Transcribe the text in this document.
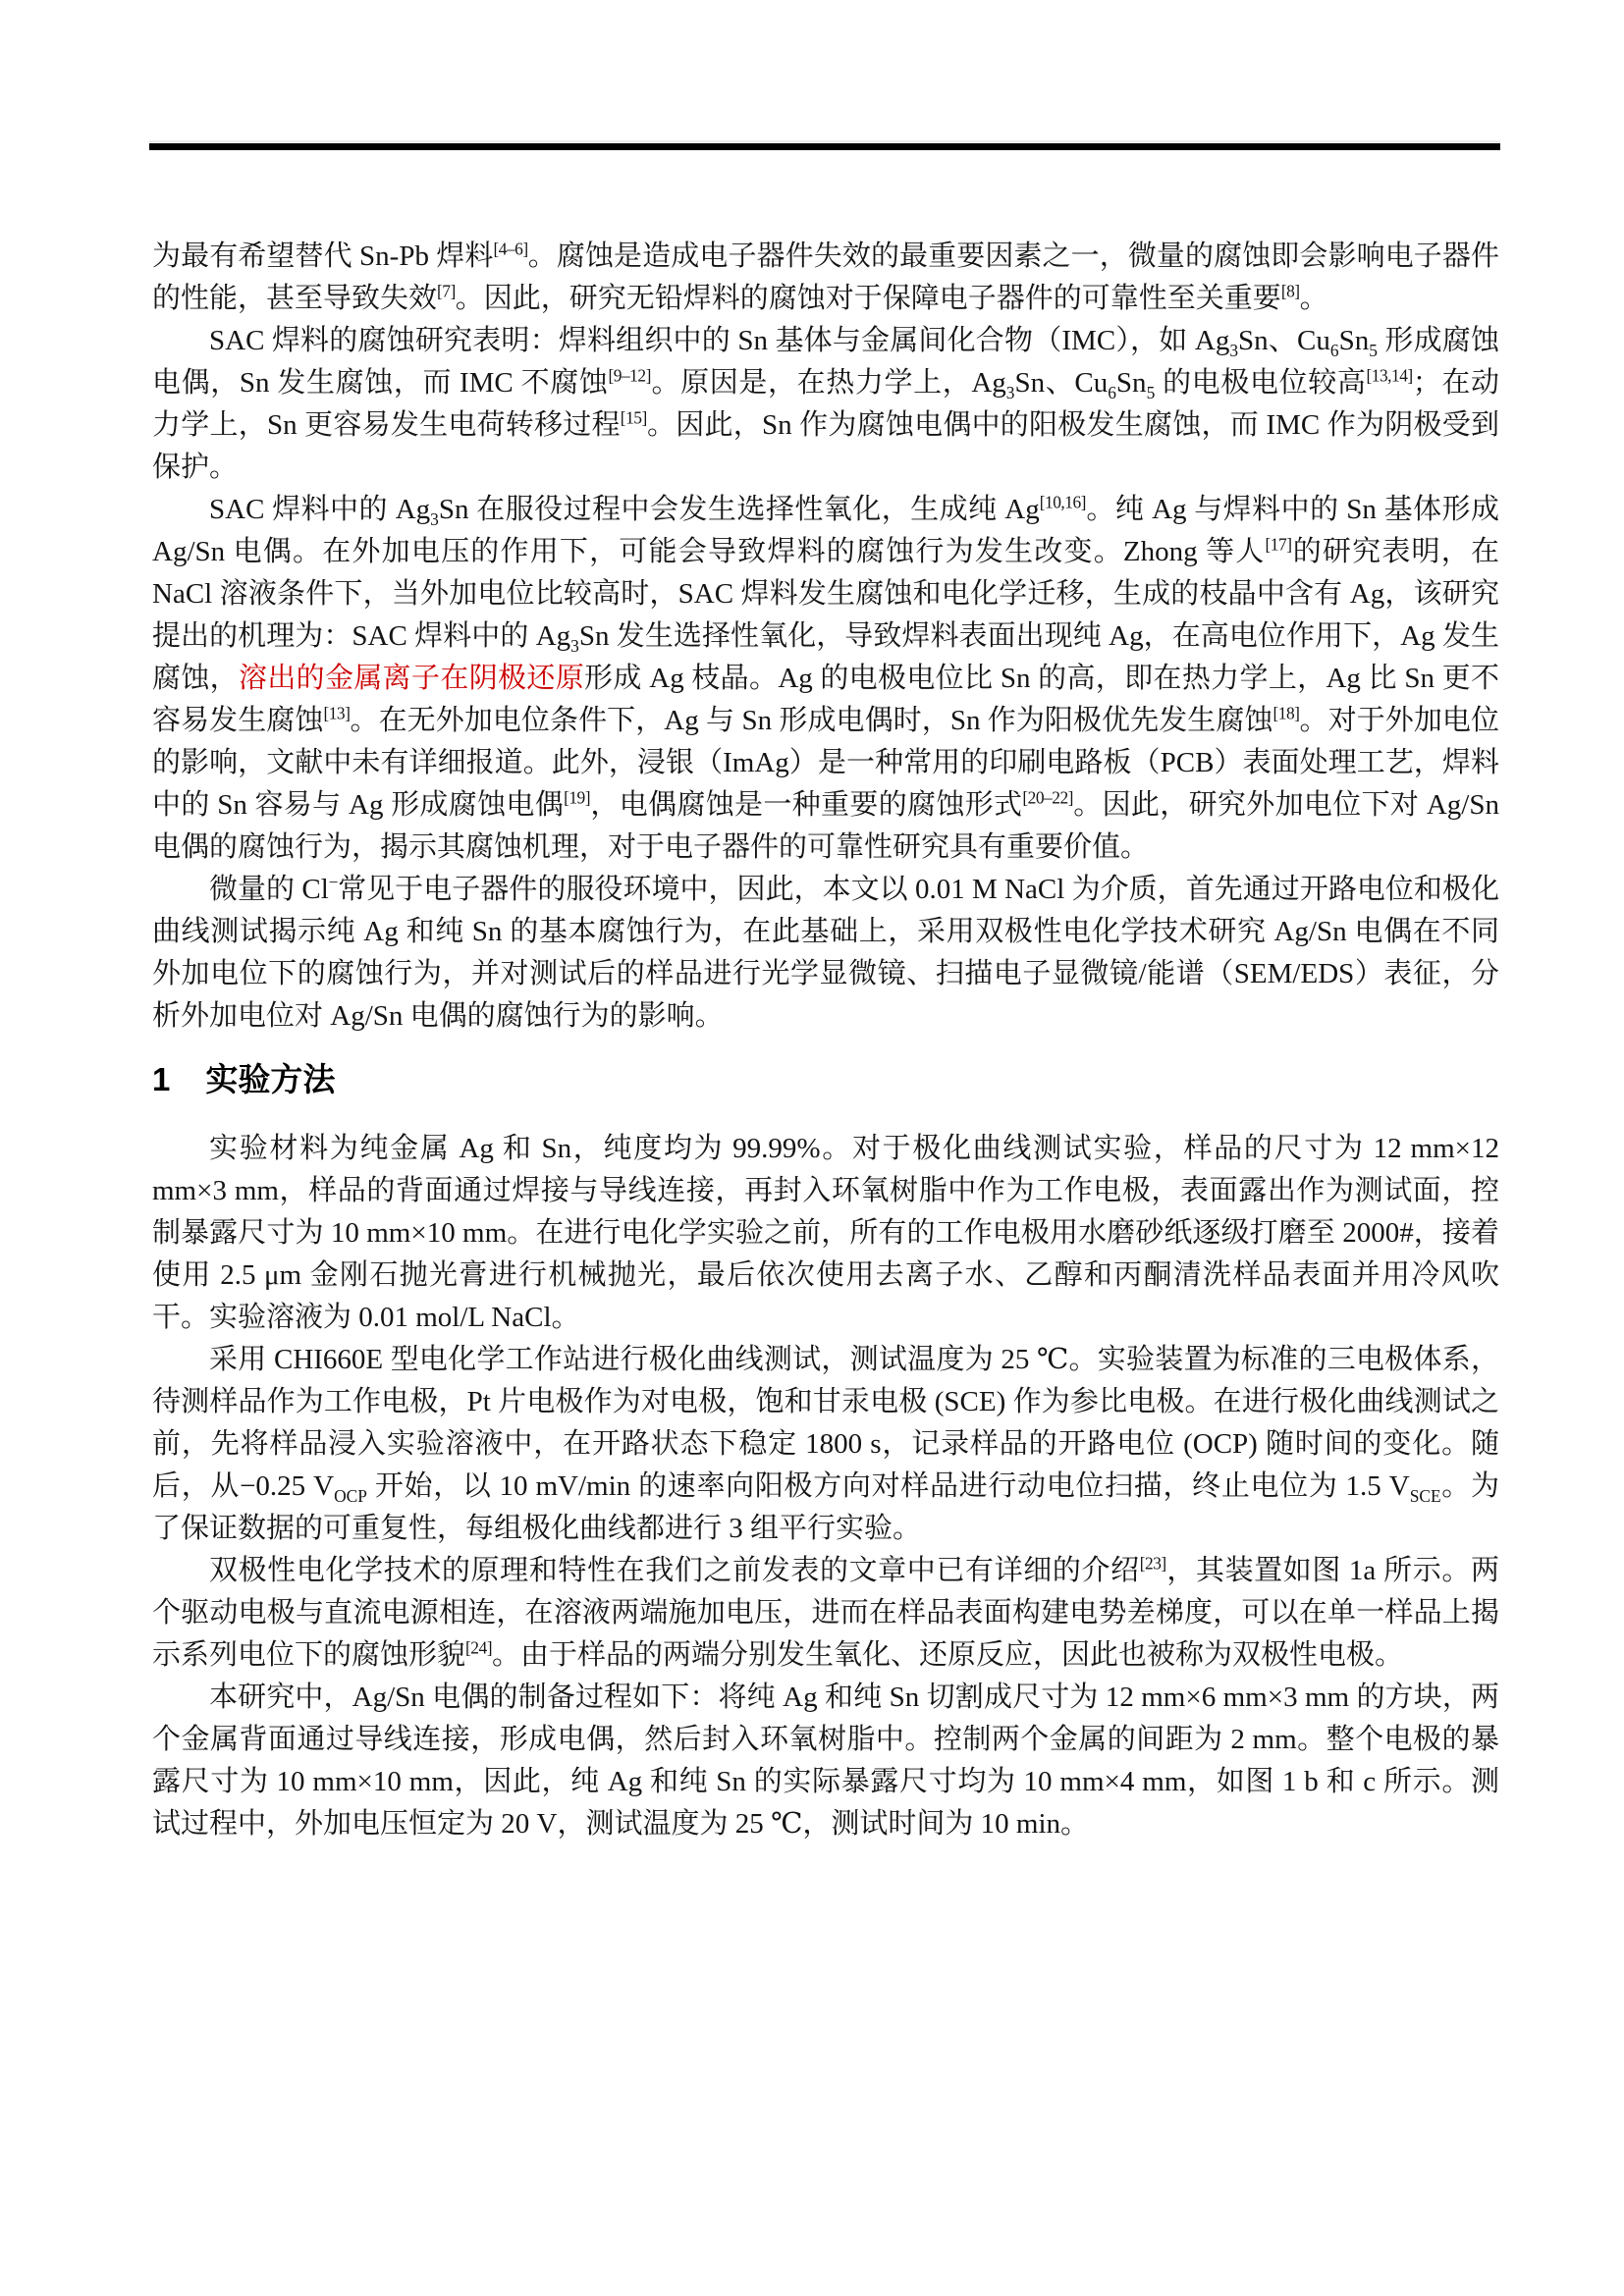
为最有希望替代 Sn-Pb 焊料[4–6]。腐蚀是造成电子器件失效的最重要因素之一，微量的腐蚀即会影响电子器件的性能，甚至导致失效[7]。因此，研究无铅焊料的腐蚀对于保障电子器件的可靠性至关重要[8]。

SAC 焊料的腐蚀研究表明：焊料组织中的 Sn 基体与金属间化合物（IMC），如 $Ag_3Sn$、$Cu_6Sn_5$ 形成腐蚀电偶，Sn 发生腐蚀，而 IMC 不腐蚀[9–12]。原因是，在热力学上，$Ag_3Sn$、$Cu_6Sn_5$ 的电极电位较高[13,14]；在动力学上，Sn 更容易发生电荷转移过程[15]。因此，Sn 作为腐蚀电偶中的阳极发生腐蚀，而 IMC 作为阴极受到保护。

SAC 焊料中的 $Ag_3Sn$ 在服役过程中会发生选择性氧化，生成纯 Ag[10,16]。纯 Ag 与焊料中的 Sn 基体形成 Ag/Sn 电偶。在外加电压的作用下，可能会导致焊料的腐蚀行为发生改变。Zhong 等人[17]的研究表明，在 NaCl 溶液条件下，当外加电位比较高时，SAC 焊料发生腐蚀和电化学迁移，生成的枝晶中含有 Ag，该研究提出的机理为：SAC 焊料中的 $Ag_3Sn$ 发生选择性氧化，导致焊料表面出现纯 Ag，在高电位作用下，Ag 发生腐蚀，溶出的金属离子在阴极还原形成 Ag 枝晶。Ag 的电极电位比 Sn 的高，即在热力学上，Ag 比 Sn 更不容易发生腐蚀[13]。在无外加电位条件下，Ag 与 Sn 形成电偶时，Sn 作为阳极优先发生腐蚀[18]。对于外加电位的影响，文献中未有详细报道。此外，浸银（ImAg）是一种常用的印刷电路板（PCB）表面处理工艺，焊料中的 Sn 容易与 Ag 形成腐蚀电偶[19]，电偶腐蚀是一种重要的腐蚀形式[20–22]。因此，研究外加电位下对 Ag/Sn 电偶的腐蚀行为，揭示其腐蚀机理，对于电子器件的可靠性研究具有重要价值。

微量的 Cl−常见于电子器件的服役环境中，因此，本文以 0.01 M NaCl 为介质，首先通过开路电位和极化曲线测试揭示纯 Ag 和纯 Sn 的基本腐蚀行为，在此基础上，采用双极性电化学技术研究 Ag/Sn 电偶在不同外加电位下的腐蚀行为，并对测试后的样品进行光学显微镜、扫描电子显微镜/能谱（SEM/EDS）表征，分析外加电位对 Ag/Sn 电偶的腐蚀行为的影响。

1 实验方法

实验材料为纯金属 Ag 和 Sn，纯度均为 99.99%。对于极化曲线测试实验，样品的尺寸为 12 mm×12 mm×3 mm，样品的背面通过焊接与导线连接，再封入环氧树脂中作为工作电极，表面露出作为测试面，控制暴露尺寸为 10 mm×10 mm。在进行电化学实验之前，所有的工作电极用水磨砂纸逐级打磨至 2000#，接着使用 2.5 μm 金刚石抛光膏进行机械抛光，最后依次使用去离子水、乙醇和丙酮清洗样品表面并用冷风吹干。实验溶液为 0.01 mol/L NaCl。

采用 CHI660E 型电化学工作站进行极化曲线测试，测试温度为 25 ℃。实验装置为标准的三电极体系，待测样品作为工作电极，Pt 片电极作为对电极，饱和甘汞电极 (SCE) 作为参比电极。在进行极化曲线测试之前，先将样品浸入实验溶液中，在开路状态下稳定 1800 s，记录样品的开路电位 (OCP) 随时间的变化。随后，从−0.25 $V_{OCP}$ 开始，以 10 mV/min 的速率向阳极方向对样品进行动电位扫描，终止电位为 1.5 $V_{SCE}$。为了保证数据的可重复性，每组极化曲线都进行 3 组平行实验。

双极性电化学技术的原理和特性在我们之前发表的文章中已有详细的介绍[23]，其装置如图 1a 所示。两个驱动电极与直流电源相连，在溶液两端施加电压，进而在样品表面构建电势差梯度，可以在单一样品上揭示系列电位下的腐蚀形貌[24]。由于样品的两端分别发生氧化、还原反应，因此也被称为双极性电极。

本研究中，Ag/Sn 电偶的制备过程如下：将纯 Ag 和纯 Sn 切割成尺寸为 12 mm×6 mm×3 mm 的方块，两个金属背面通过导线连接，形成电偶，然后封入环氧树脂中。控制两个金属的间距为 2 mm。整个电极的暴露尺寸为 10 mm×10 mm，因此，纯 Ag 和纯 Sn 的实际暴露尺寸均为 10 mm×4 mm，如图 1 b 和 c 所示。测试过程中，外加电压恒定为 20 V，测试温度为 25 ℃，测试时间为 10 min。
